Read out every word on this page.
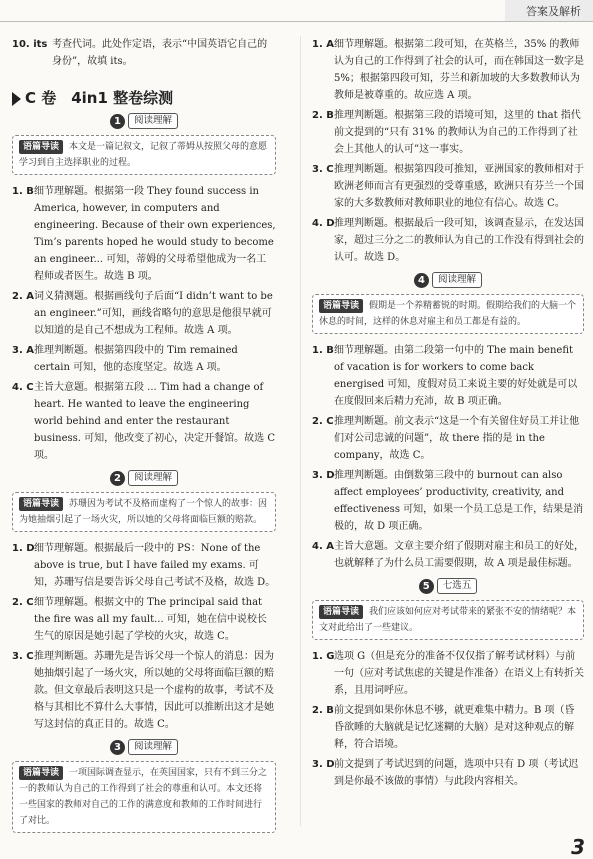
答案及解析
10. its 考查代词。此处作定语，表示“中国英语它自己的身份”，故填 its。
C 卷　4in1 整卷综测
1	阅读理解
语篇导读 本文是一篇记叙文，记叙了蒂姆从按照父母的意愿学习到自主选择职业的过程。
1. B 细节理解题。根据第一段 They found success in America, however, in computers and engineering. Because of their own experiences, Tim’s parents hoped he would study to become an engineer... 可知，蒂姆的父母希望他成为一名工程师或者医生。故选 B 项。
2. A 词义猜测题。根据画线句子后面“I didn’t want to be an engineer.”可知，画线省略句的意思是他很早就可以知道的是自己不想成为工程师。故选 A 项。
3. A 推理判断题。根据第四段中的 Tim remained certain 可知，他的态度坚定。故选 A 项。
4. C 主旨大意题。根据第五段 ... Tim had a change of heart. He wanted to leave the engineering world behind and enter the restaurant business. 可知，他改变了初心，决定开餐馆。故选 C 项。
2	阅读理解
语篇导读 苏珊因为考试不及格而虚构了一个惊人的故事：因为她抽烟引起了一场火灾，所以她的父母将面临巨额的赔款。
1. D 细节理解题。根据最后一段中的 PS：None of the above is true, but I have failed my exams. 可知，苏珊写信是要告诉父母自己考试不及格，故选 D。
2. C 细节理解题。根据文中的 The principal said that the fire was all my fault... 可知，她在信中说校长生气的原因是她引起了学校的火灾，故选 C。
3. C 推理判断题。苏珊先是告诉父母一个惊人的消息：因为她抽烟引起了一场火灾，所以她的父母将面临巨额的赔款。但文章最后表明这只是一个虚构的故事，考试不及格与其相比不算什么大事情，因此可以推断出这才是她写这封信的真正目的。故选 C。
3	阅读理解
语篇导读 一项国际调查显示，在英国国家，只有不到三分之一的教师认为自己的工作得到了社会的尊重和认可。本文还将一些国家的教师对自己的工作的满意度和教师的工作时间进行了对比。
1. A 细节理解题。根据第二段可知，在英格兰，35% 的教师认为自己的工作得到了社会的认可，而在韩国这一数字是 5%；根据第四段可知，芬兰和新加坡的大多数教师认为教师是被尊重的。故应选 A 项。
2. B 推理判断题。根据第三段的语境可知，这里的 that 指代前文提到的“只有 31% 的教师认为自己的工作得到了社会上其他人的认可”这一事实。
3. C 推理判断题。根据第四段可推知，亚洲国家的教师相对于欧洲老师而言有更强烈的受尊重感，欧洲只有芬兰一个国家的大多数教师对教师职业的地位有信心。故选 C。
4. D 推理判断题。根据最后一段可知，该调查显示，在发达国家，超过三分之二的教师认为自己的工作没有得到社会的认可。故选 D。
4	阅读理解
语篇导读 假期是一个养精蓄锐的时期。假期给我们的大脑一个休息的时间，这样的休息对雇主和员工都是有益的。
1. B 细节理解题。由第二段第一句中的 The main benefit of vacation is for workers to come back energised 可知，度假对员工来说主要的好处就是可以在度假回来后精力充沛，故 B 项正确。
2. C 推理判断题。前文表示“这是一个有关留住好员工并让他们对公司忠诚的问题”，故 there 指的是 in the company，故选 C。
3. D 推理判断题。由倒数第三段中的 burnout can also affect employees’ productivity, creativity, and effectiveness 可知，如果一个员工总是工作，结果是消极的，故 D 项正确。
4. A 主旨大意题。文章主要介绍了假期对雇主和员工的好处，也就解释了为什么员工需要假期，故 A 项是最佳标题。
5	七选五
语篇导读 我们应该如何应对考试带来的紧张不安的情绪呢？本文对此给出了一些建议。
1. G 选项 G（但是充分的准备不仅仅指了解考试材料）与前一句（应对考试焦虑的关键是作准备）在语义上有转折关系，且用词呼应。
2. B 前文提到如果你休息不够，就更难集中精力。B 项（昏昏欲睡的大脑就是记忆迷糊的大脑）是对这种观点的解释，符合语境。
3. D 前文提到了考试迟到的问题，选项中只有 D 项（考试迟到是你最不该做的事情）与此段内容相关。
3
